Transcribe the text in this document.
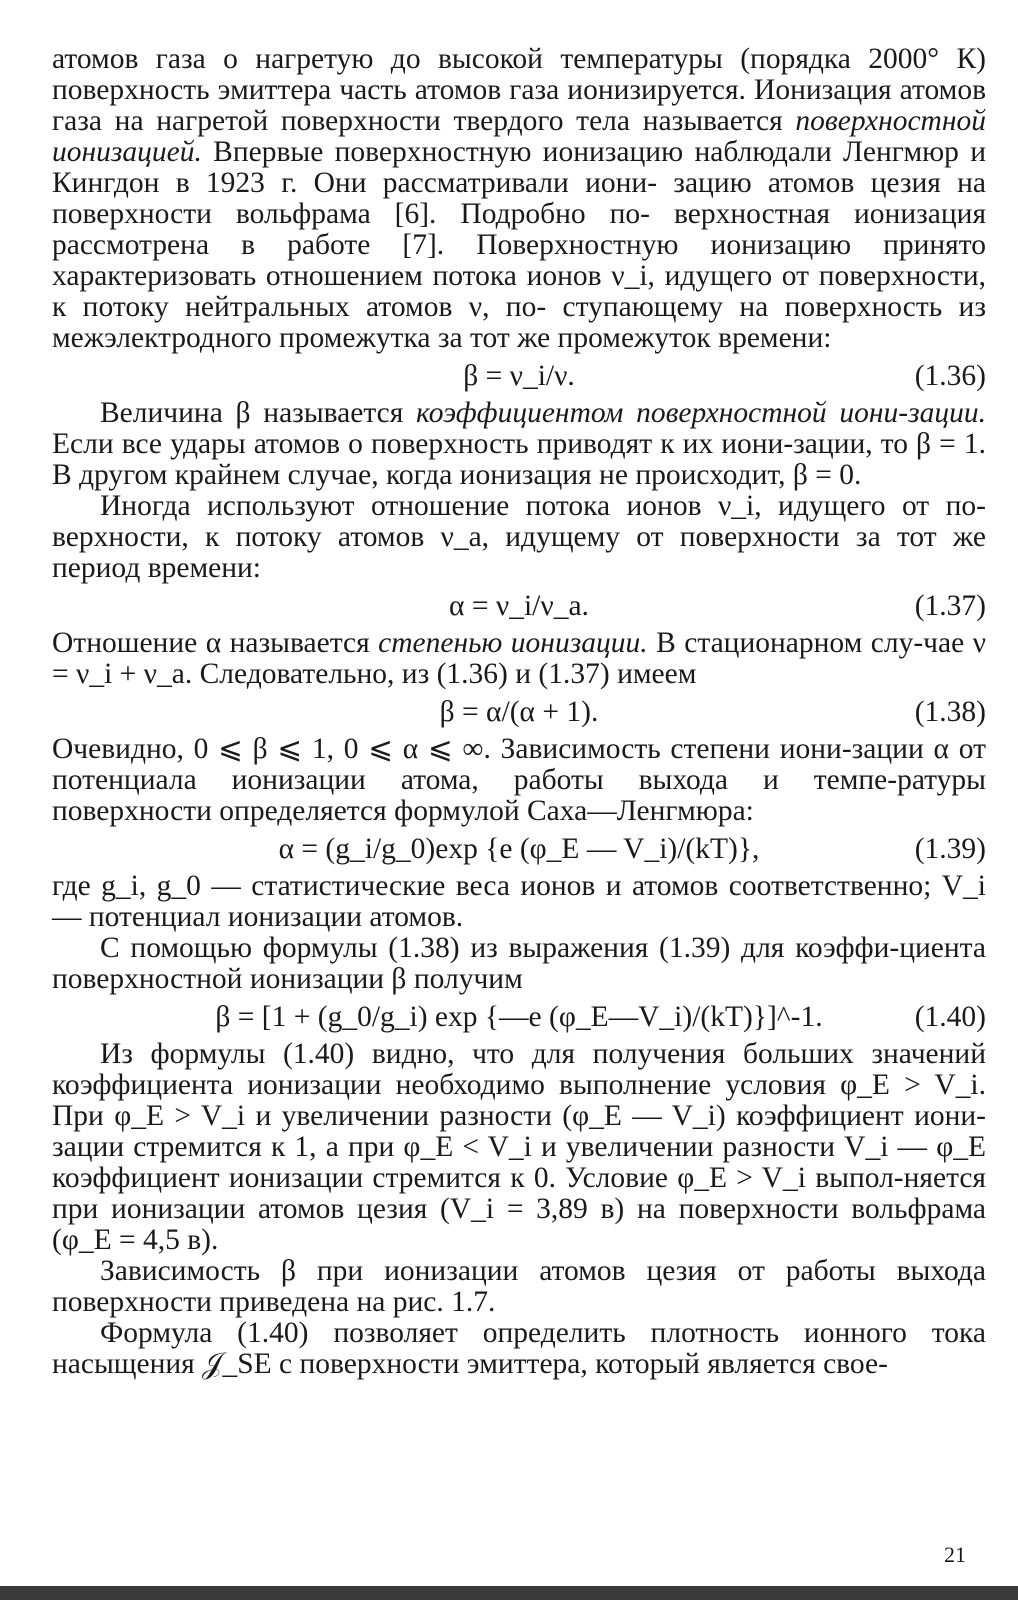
атомов газа о нагретую до высокой температуры (порядка 2000° К) поверхность эмиттера часть атомов газа ионизируется. Ионизация атомов газа на нагретой поверхности твердого тела называется поверхностной ионизацией. Впервые поверхностную ионизацию наблюдали Ленгмюр и Кингдон в 1923 г. Они рассматривали иони- зацию атомов цезия на поверхности вольфрама [6]. Подробно по- верхностная ионизация рассмотрена в работе [7]. Поверхностную ионизацию принято характеризовать отношением потока ионов ν_i, идущего от поверхности, к потоку нейтральных атомов ν, по- ступающему на поверхность из межэлектродного промежутка за тот же промежуток времени:

β = ν_i/ν.	(1.36)

Величина β называется коэффициентом поверхностной иони-зации. Если все удары атомов о поверхность приводят к их иони-зации, то β = 1. В другом крайнем случае, когда ионизация не происходит, β = 0.

Иногда используют отношение потока ионов ν_i, идущего от по-верхности, к потоку атомов ν_a, идущему от поверхности за тот же период времени:

α = ν_i/ν_a.	(1.37)

Отношение α называется степенью ионизации. В стационарном слу-чае ν = ν_i + ν_a. Следовательно, из (1.36) и (1.37) имеем

β = α/(α + 1).	(1.38)

Очевидно, 0 ⩽ β ⩽ 1, 0 ⩽ α ⩽ ∞. Зависимость степени иони-зации α от потенциала ионизации атома, работы выхода и темпе-ратуры поверхности определяется формулой Саха—Ленгмюра:

α = (g_i/g_0)exp {e (φ_E — V_i)/(kT)},	(1.39)

где g_i, g_0 — статистические веса ионов и атомов соответственно; V_i — потенциал ионизации атомов.

С помощью формулы (1.38) из выражения (1.39) для коэффи-циента поверхностной ионизации β получим

β = [1 + (g_0/g_i) exp {—e (φ_E—V_i)/(kT)}]^-1.	(1.40)

Из формулы (1.40) видно, что для получения больших значений коэффициента ионизации необходимо выполнение условия φ_E > V_i. При φ_E > V_i и увеличении разности (φ_E — V_i) коэффициент иони-зации стремится к 1, а при φ_E < V_i и увеличении разности V_i — φ_E коэффициент ионизации стремится к 0. Условие φ_E > V_i выпол-няется при ионизации атомов цезия (V_i = 3,89 в) на поверхности вольфрама (φ_E = 4,5 в).

Зависимость β при ионизации атомов цезия от работы выхода поверхности приведена на рис. 1.7.

Формула (1.40) позволяет определить плотность ионного тока насыщения 𝒥_SE с поверхности эмиттера, который является свое-

21
